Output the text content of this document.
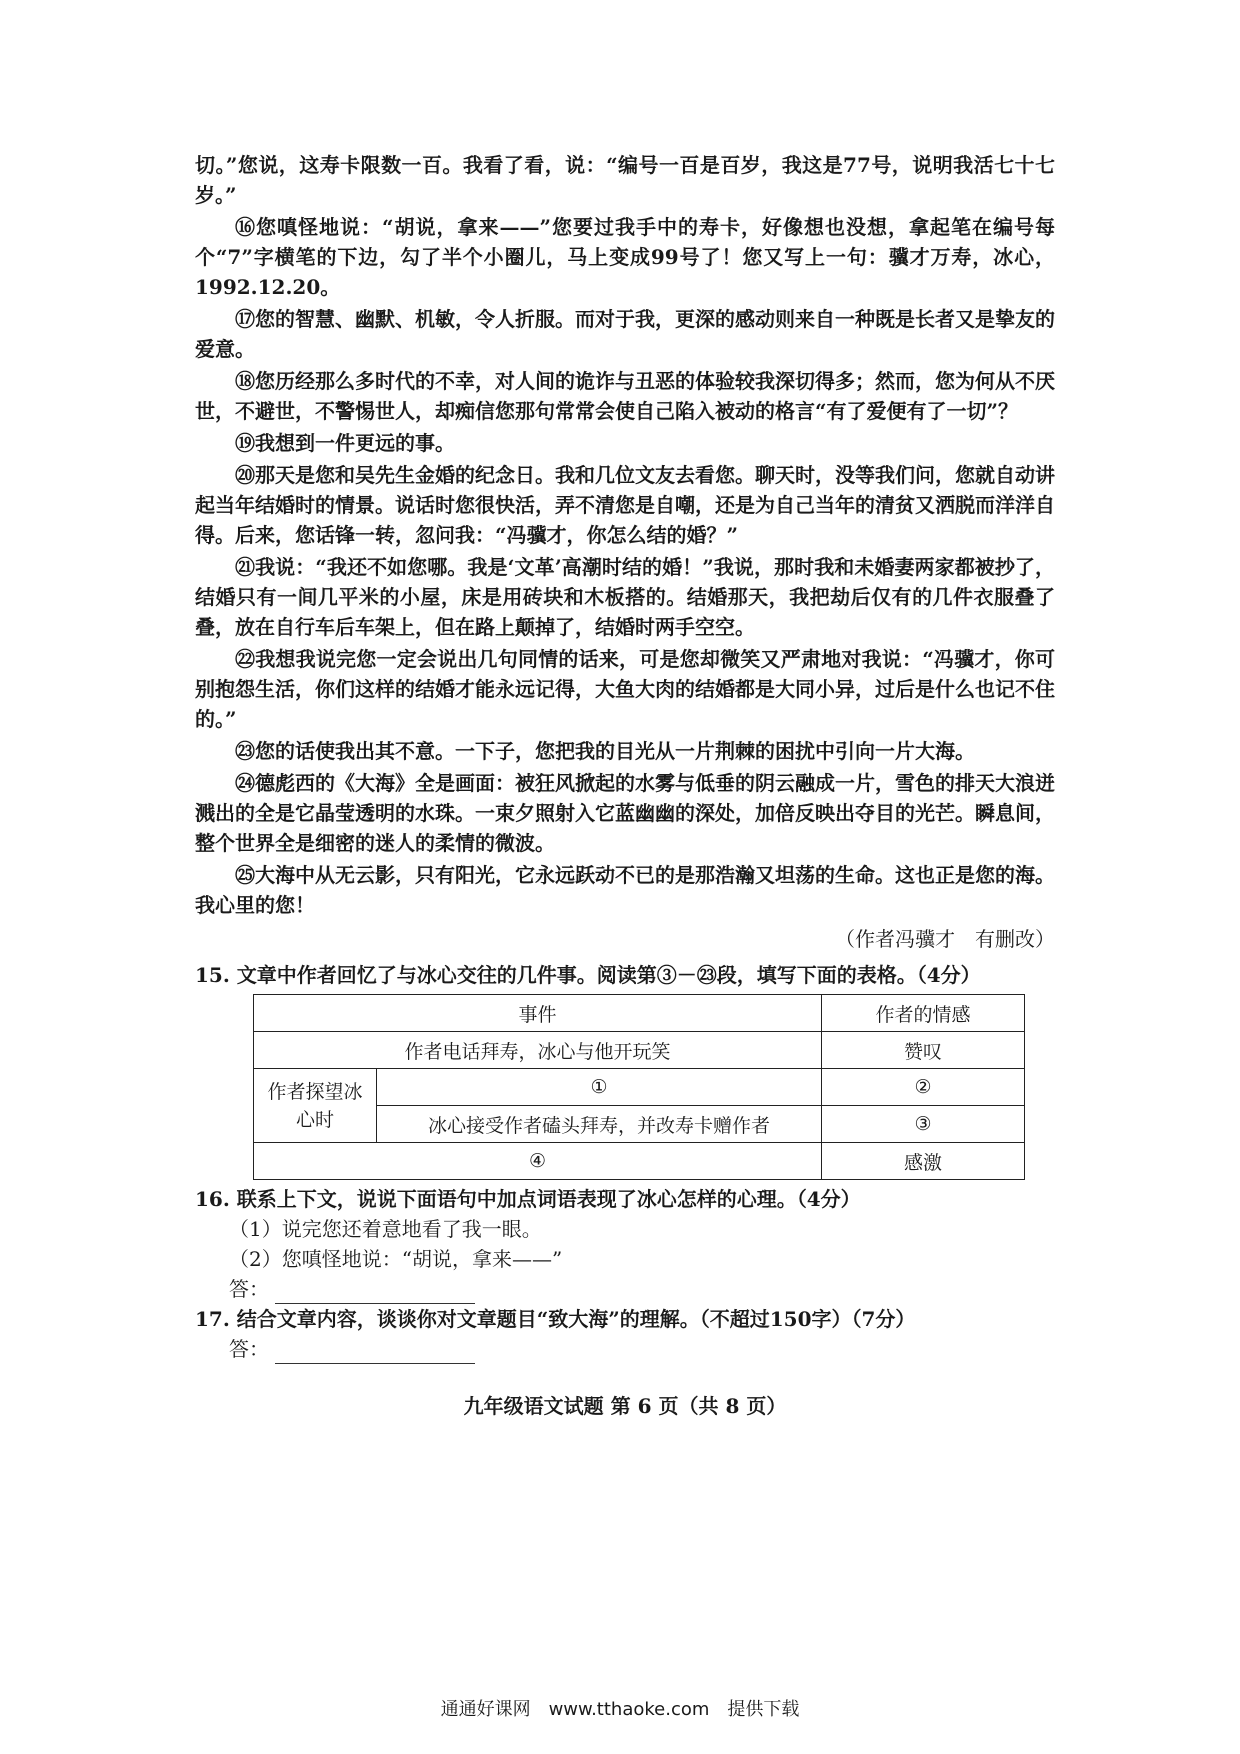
切。”您说，这寿卡限数一百。我看了看，说：“编号一百是百岁，我这是77号，说明我活七十七岁。”

⑯您嗔怪地说：“胡说，拿来——”您要过我手中的寿卡，好像想也没想，拿起笔在编号每个“7”字横笔的下边，勾了半个小圈儿，马上变成99号了！您又写上一句：骥才万寿，冰心，1992.12.20。

⑰您的智慧、幽默、机敏，令人折服。而对于我，更深的感动则来自一种既是长者又是挚友的爱意。

⑱您历经那么多时代的不幸，对人间的诡诈与丑恶的体验较我深切得多；然而，您为何从不厌世，不避世，不警惕世人，却痴信您那句常常会使自己陷入被动的格言“有了爱便有了一切”？

⑲我想到一件更远的事。

⑳那天是您和吴先生金婚的纪念日。我和几位文友去看您。聊天时，没等我们问，您就自动讲起当年结婚时的情景。说话时您很快活，弄不清您是自嘲，还是为自己当年的清贫又洒脱而洋洋自得。后来，您话锋一转，忽问我：“冯骥才，你怎么结的婚？”

㉑我说：“我还不如您哪。我是‘文革’高潮时结的婚！”我说，那时我和未婚妻两家都被抄了，结婚只有一间几平米的小屋，床是用砖块和木板搭的。结婚那天，我把劫后仅有的几件衣服叠了叠，放在自行车后车架上，但在路上颠掉了，结婚时两手空空。

㉒我想我说完您一定会说出几句同情的话来，可是您却微笑又严肃地对我说：“冯骥才，你可别抱怨生活，你们这样的结婚才能永远记得，大鱼大肉的结婚都是大同小异，过后是什么也记不住的。”

㉓您的话使我出其不意。一下子，您把我的目光从一片荆棘的困扰中引向一片大海。

㉔德彪西的《大海》全是画面：被狂风掀起的水雾与低垂的阴云融成一片，雪色的排天大浪迸溅出的全是它晶莹透明的水珠。一束夕照射入它蓝幽幽的深处，加倍反映出夺目的光芒。瞬息间，整个世界全是细密的迷人的柔情的微波。

㉕大海中从无云影，只有阳光，它永远跃动不已的是那浩瀚又坦荡的生命。这也正是您的海。我心里的您！

（作者冯骥才　有删改）

15. 文章中作者回忆了与冰心交往的几件事。阅读第③－㉓段，填写下面的表格。（4分）

事件		作者的情感
作者电话拜寿，冰心与他开玩笑		赞叹
作者探望冰心时	①	②
	冰心接受作者磕头拜寿，并改寿卡赠作者	③
④		感激

16. 联系上下文，说说下面语句中加点词语表现了冰心怎样的心理。（4分）

（1）说完您还着意地看了我一眼。

（2）您嗔怪地说：“胡说，拿来——”

答：

17. 结合文章内容，谈谈你对文章题目“致大海”的理解。（不超过150字）（7分）

答：

九年级语文试题 第 6 页（共 8 页）

通通好课网　www.tthaoke.com　提供下载
